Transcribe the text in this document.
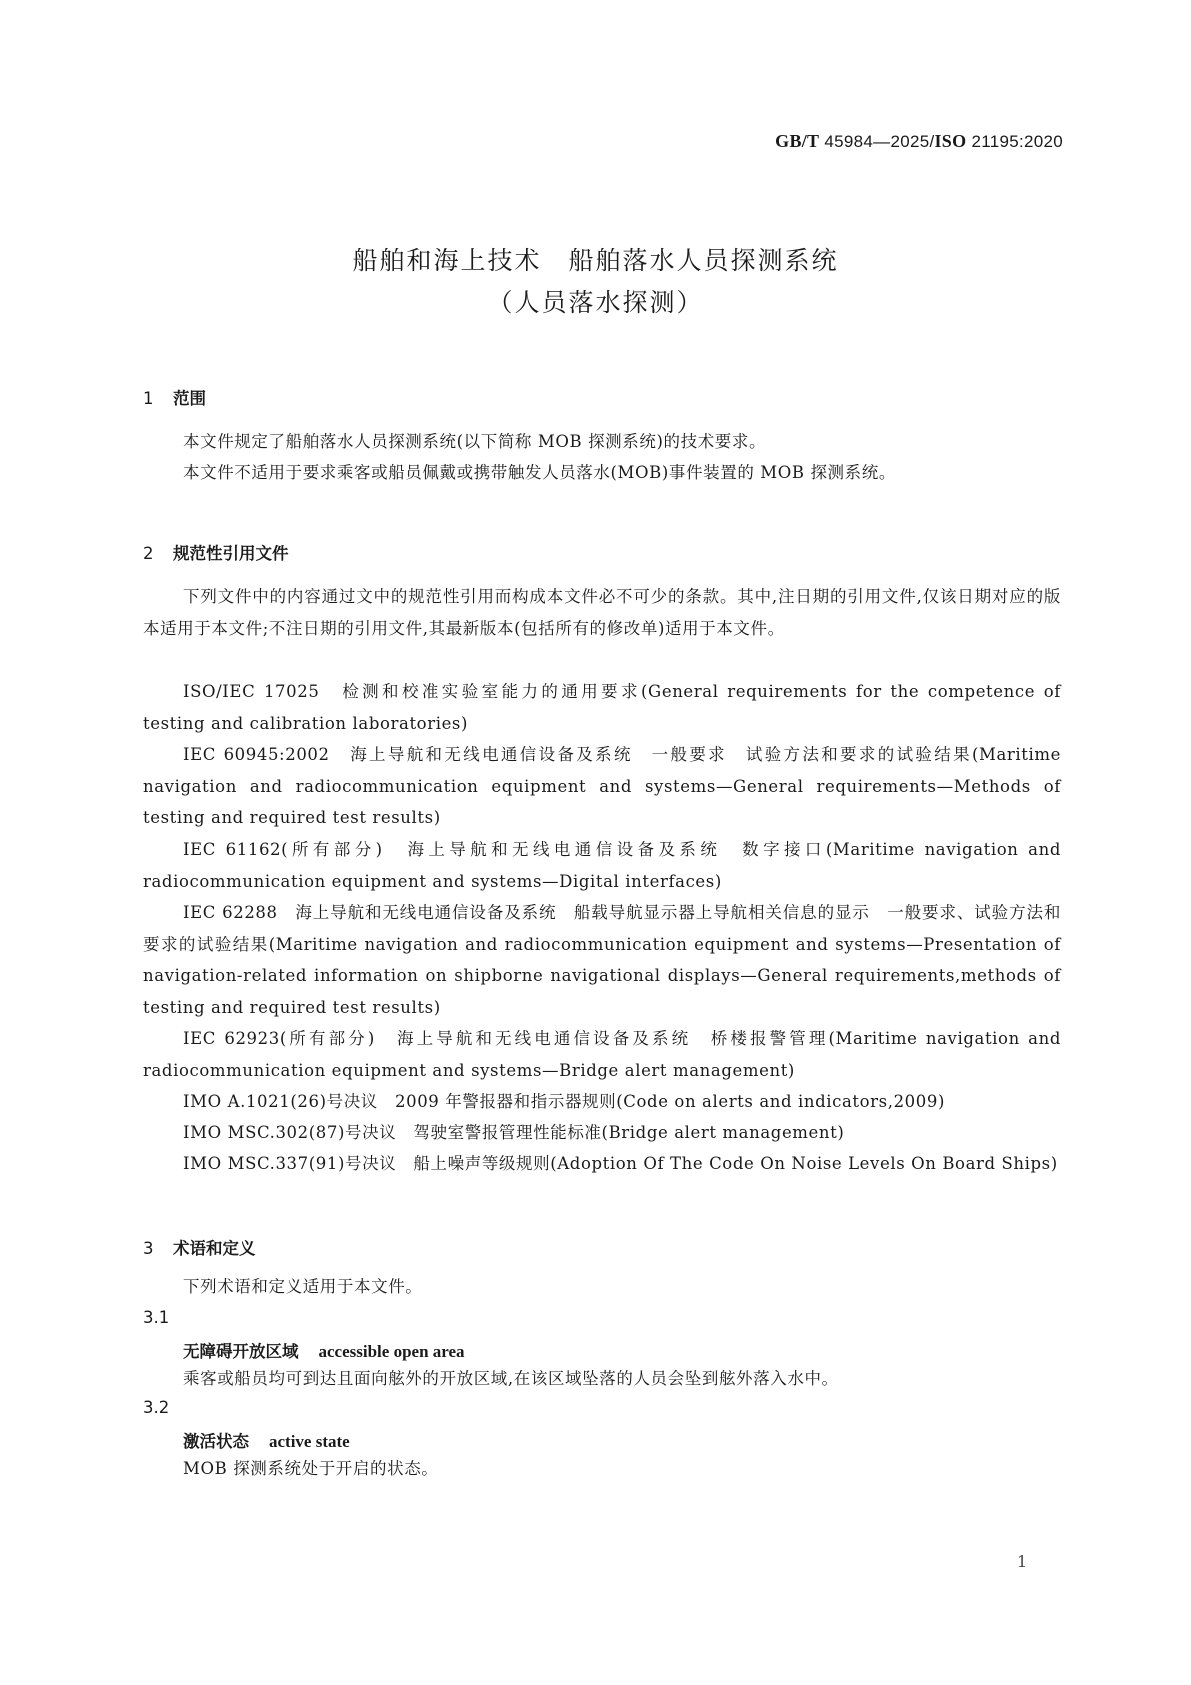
GB/T 45984—2025/ISO 21195:2020
船舶和海上技术　船舶落水人员探测系统
（人员落水探测）
1 范围
本文件规定了船舶落水人员探测系统(以下简称 MOB 探测系统)的技术要求。
本文件不适用于要求乘客或船员佩戴或携带触发人员落水(MOB)事件装置的 MOB 探测系统。
2 规范性引用文件
下列文件中的内容通过文中的规范性引用而构成本文件必不可少的条款。其中,注日期的引用文件,仅该日期对应的版本适用于本文件;不注日期的引用文件,其最新版本(包括所有的修改单)适用于本文件。
ISO/IEC 17025　检测和校准实验室能力的通用要求(General requirements for the competence of testing and calibration laboratories)
IEC 60945:2002　海上导航和无线电通信设备及系统　一般要求　试验方法和要求的试验结果(Maritime navigation and radiocommunication equipment and systems—General requirements—Methods of testing and required test results)
IEC 61162(所有部分)　海上导航和无线电通信设备及系统　数字接口(Maritime navigation and radiocommunication equipment and systems—Digital interfaces)
IEC 62288　海上导航和无线电通信设备及系统　船载导航显示器上导航相关信息的显示　一般要求、试验方法和要求的试验结果(Maritime navigation and radiocommunication equipment and systems—Presentation of navigation-related information on shipborne navigational displays—General requirements,methods of testing and required test results)
IEC 62923(所有部分)　海上导航和无线电通信设备及系统　桥楼报警管理(Maritime navigation and radiocommunication equipment and systems—Bridge alert management)
IMO A.1021(26)号决议　2009 年警报器和指示器规则(Code on alerts and indicators,2009)
IMO MSC.302(87)号决议　驾驶室警报管理性能标准(Bridge alert management)
IMO MSC.337(91)号决议　船上噪声等级规则(Adoption Of The Code On Noise Levels On Board Ships)
3 术语和定义
下列术语和定义适用于本文件。
3.1
无障碍开放区域 accessible open area
乘客或船员均可到达且面向舷外的开放区域,在该区域坠落的人员会坠到舷外落入水中。
3.2
激活状态 active state
MOB 探测系统处于开启的状态。
1
